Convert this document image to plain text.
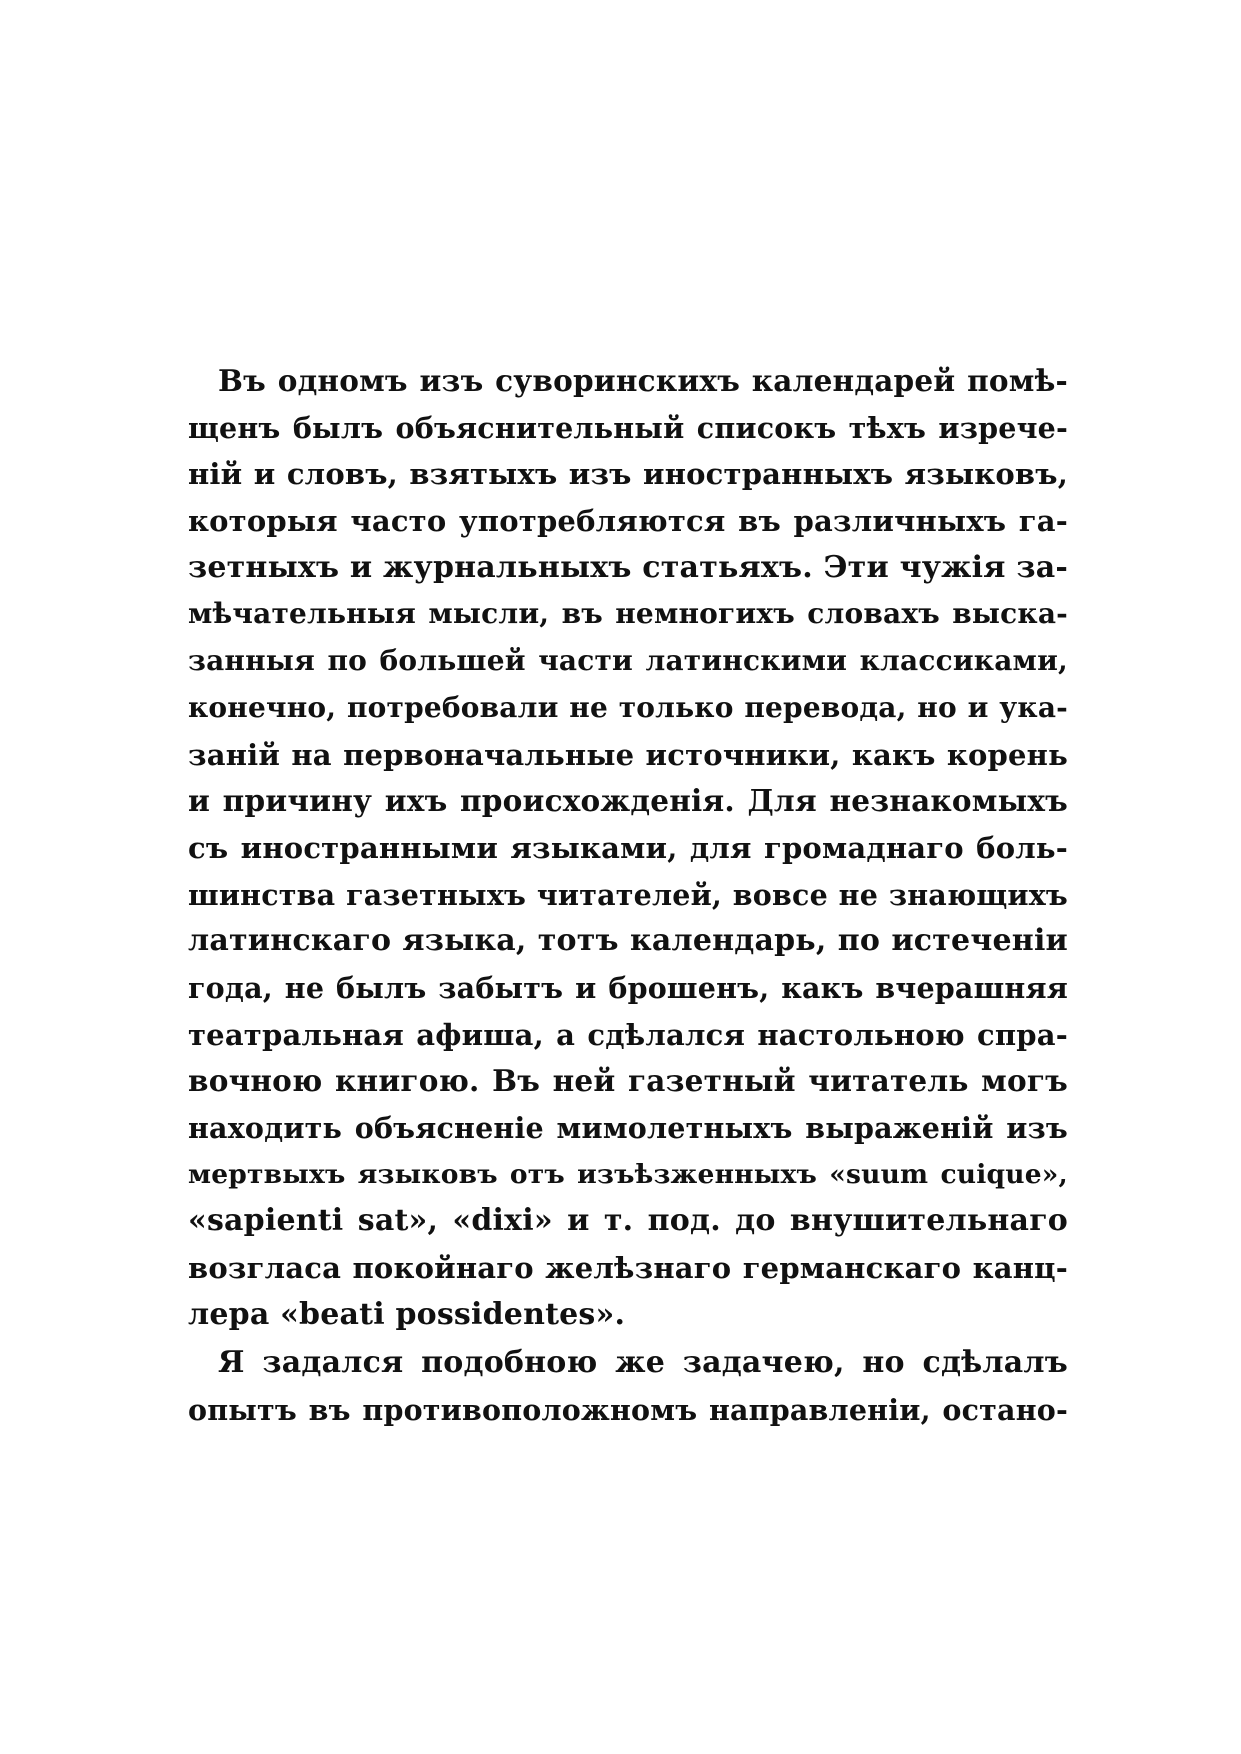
Въ одномъ изъ суворинскихъ календарей помѣ-
щенъ былъ объяснительный списокъ тѣхъ изрече-
ній и словъ, взятыхъ изъ иностранныхъ языковъ,
которыя часто употребляются въ различныхъ га-
зетныхъ и журнальныхъ статьяхъ. Эти чужія за-
мѣчательныя мысли, въ немногихъ словахъ выска-
занныя по большей части латинскими классиками,
конечно, потребовали не только перевода, но и ука-
заній на первоначальные источники, какъ корень
и причину ихъ происхожденія. Для незнакомыхъ
съ иностранными языками, для громаднаго боль-
шинства газетныхъ читателей, вовсе не знающихъ
латинскаго языка, тотъ календарь, по истеченіи
года, не былъ забытъ и брошенъ, какъ вчерашняя
театральная афиша, а сдѣлался настольною спра-
вочною книгою. Въ ней газетный читатель могъ
находить объясненіе мимолетныхъ выраженій изъ
мертвыхъ языковъ отъ изъѣзженныхъ «suum cuique»,
«sapienti sat», «dixi» и т. под. до внушительнаго
возгласа покойнаго желѣзнаго германскаго канц-
лера «beati possidentes».
Я задался подобною же задачею, но сдѣлалъ
опытъ въ противоположномъ направленіи, остано-
